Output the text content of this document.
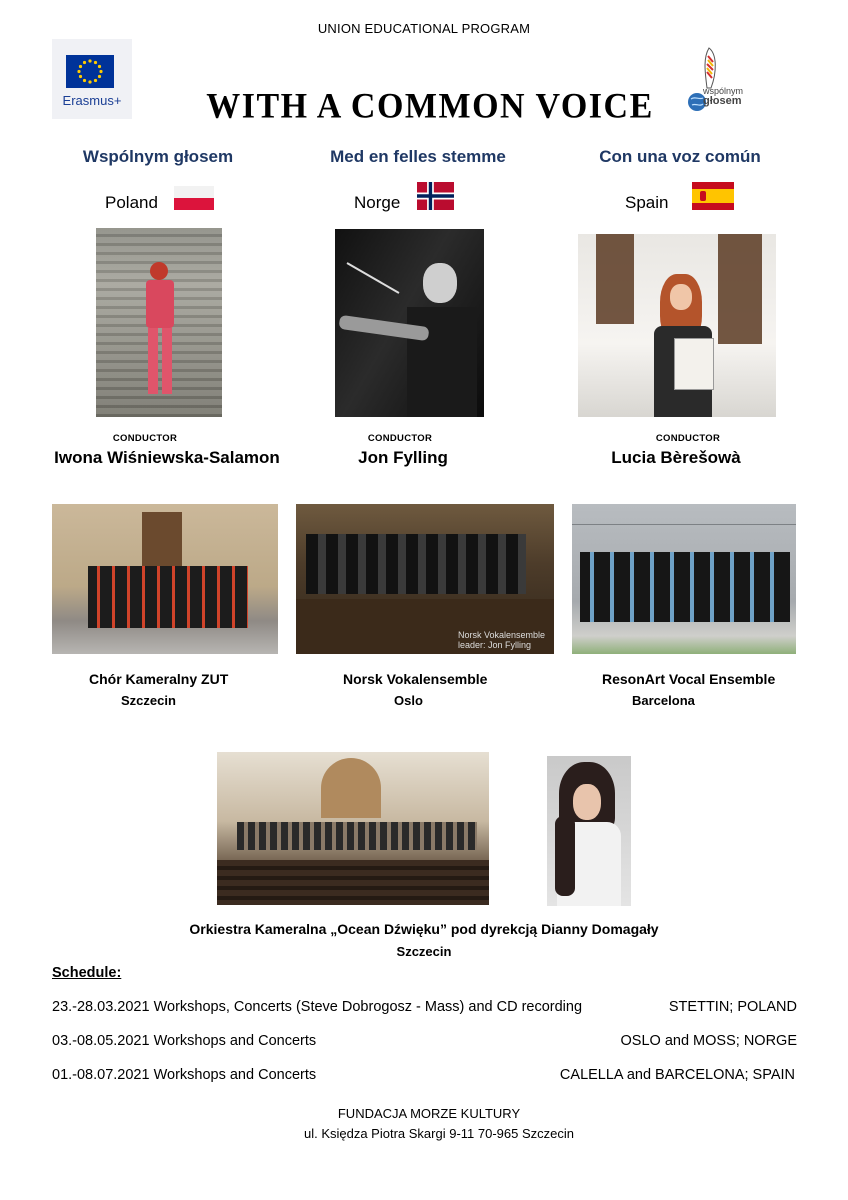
UNION EDUCATIONAL PROGRAM
Erasmus+	WITH A COMMON VOICE	wspólnym
głosem
Wspólnym głosem	Med en felles stemme	Con una voz común
Poland	Norge	Spain
CONDUCTOR
Iwona Wiśniewska-Salamon
CONDUCTOR
Jon Fylling
CONDUCTOR
Lucia Bèrešowà
Norsk Vokalensemble
leader: Jon Fylling
Chór Kameralny ZUT
Szczecin
Norsk Vokalensemble
Oslo
ResonArt Vocal Ensemble
Barcelona
Orkiestra Kameralna „Ocean Dźwięku” pod dyrekcją Dianny Domagały
Szczecin
Schedule:
23.-28.03.2021 Workshops, Concerts (Steve Dobrogosz - Mass) and CD recording	STETTIN; POLAND
03.-08.05.2021 Workshops and Concerts	OSLO and MOSS; NORGE
01.-08.07.2021 Workshops and Concerts	CALELLA and BARCELONA; SPAIN
FUNDACJA MORZE KULTURY
ul. Księdza Piotra Skargi 9-11 70-965 Szczecin
